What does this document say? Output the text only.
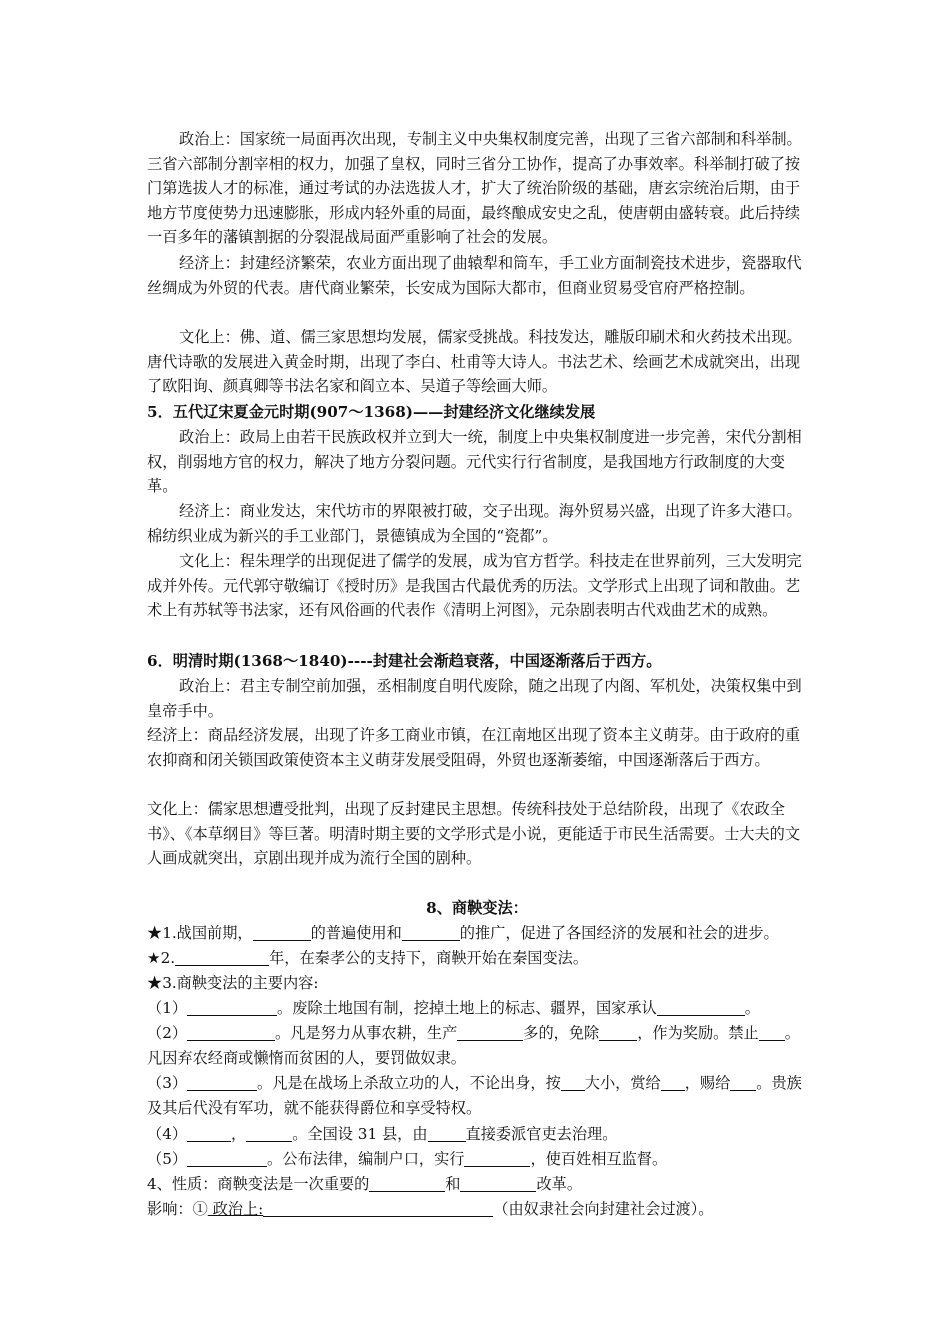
政治上：国家统一局面再次出现，专制主义中央集权制度完善，出现了三省六部制和科举制。三省六部制分割宰相的权力，加强了皇权，同时三省分工协作，提高了办事效率。科举制打破了按门第选拔人才的标准，通过考试的办法选拔人才，扩大了统治阶级的基础，唐玄宗统治后期，由于地方节度使势力迅速膨胀，形成内轻外重的局面，最终酿成安史之乱，使唐朝由盛转衰。此后持续一百多年的藩镇割据的分裂混战局面严重影响了社会的发展。
经济上：封建经济繁荣，农业方面出现了曲辕犁和筒车，手工业方面制瓷技术进步，瓷器取代丝绸成为外贸的代表。唐代商业繁荣，长安成为国际大都市，但商业贸易受官府严格控制。
文化上：佛、道、儒三家思想均发展，儒家受挑战。科技发达，雕版印刷术和火药技术出现。唐代诗歌的发展进入黄金时期，出现了李白、杜甫等大诗人。书法艺术、绘画艺术成就突出，出现了欧阳询、颜真卿等书法名家和阎立本、吴道子等绘画大师。
5．五代辽宋夏金元时期(907～1368)——封建经济文化继续发展
政治上：政局上由若干民族政权并立到大一统，制度上中央集权制度进一步完善，宋代分割相权，削弱地方官的权力，解决了地方分裂问题。元代实行行省制度，是我国地方行政制度的大变革。
经济上：商业发达，宋代坊市的界限被打破，交子出现。海外贸易兴盛，出现了许多大港口。棉纺织业成为新兴的手工业部门，景德镇成为全国的“瓷都”。
文化上：程朱理学的出现促进了儒学的发展，成为官方哲学。科技走在世界前列，三大发明完成并外传。元代郭守敬编订《授时历》是我国古代最优秀的历法。文学形式上出现了词和散曲。艺术上有苏轼等书法家，还有风俗画的代表作《清明上河图》，元杂剧表明古代戏曲艺术的成熟。
6．明清时期(1368～1840)----封建社会渐趋衰落，中国逐渐落后于西方。
政治上：君主专制空前加强，丞相制度自明代废除，随之出现了内阁、军机处，决策权集中到皇帝手中。
经济上：商品经济发展，出现了许多工商业市镇，在江南地区出现了资本主义萌芽。由于政府的重农抑商和闭关锁国政策使资本主义萌芽发展受阻碍，外贸也逐渐萎缩，中国逐渐落后于西方。
文化上：儒家思想遭受批判，出现了反封建民主思想。传统科技处于总结阶段，出现了《农政全书》、《本草纲目》等巨著。明清时期主要的文学形式是小说，更能适于市民生活需要。士大夫的文人画成就突出，京剧出现并成为流行全国的剧种。
8、商鞅变法：
★1.战国前期，	的普遍使用和	的推广，促进了各国经济的发展和社会的进步。
★2.	年，在秦孝公的支持下，商鞅开始在秦国变法。
★3.商鞅变法的主要内容:
（1）	。废除土地国有制，挖掉土地上的标志、疆界，国家承认	。
（2）	。凡是努力从事农耕，生产	多的，免除	，作为奖励。禁止 。凡因弃农经商或懒惰而贫困的人，要罚做奴隶。
（3）	。凡是在战场上杀敌立功的人，不论出身，按 大小，赏给 ，赐给 。贵族及其后代没有军功，就不能获得爵位和享受特权。
（4）	，	。全国设 31 县，由	直接委派官吏去治理。
（5）	。公布法律，编制户口，实行	，使百姓相互监督。
4、性质：商鞅变法是一次重要的	和	改革。
影响：① 政治上:	（由奴隶社会向封建社会过渡）。
